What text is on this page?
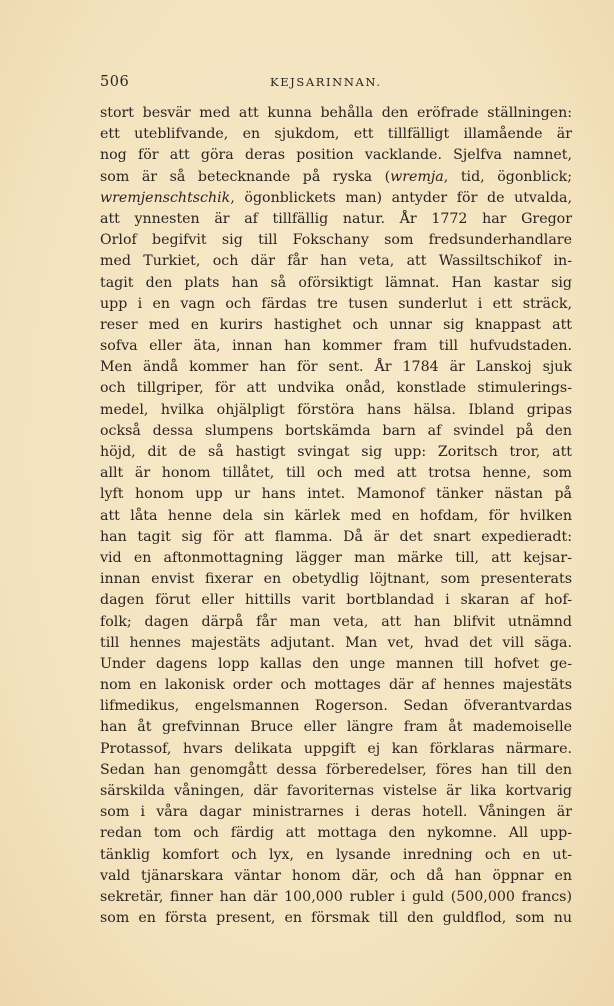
506	KEJSARINNAN.
stort besvär med att kunna behålla den eröfrade ställningen:
ett uteblifvande, en sjukdom, ett tillfälligt illamående är
nog för att göra deras position vacklande. Sjelfva namnet,
som är så betecknande på ryska (wremja, tid, ögonblick;
wremjenschtschik, ögonblickets man) antyder för de utvalda,
att ynnesten är af tillfällig natur. År 1772 har Gregor
Orlof begifvit sig till Fokschany som fredsunderhandlare
med Turkiet, och där får han veta, att Wassiltschikof in-
tagit den plats han så oförsiktigt lämnat. Han kastar sig
upp i en vagn och färdas tre tusen sunderlut i ett sträck,
reser med en kurirs hastighet och unnar sig knappast att
sofva eller äta, innan han kommer fram till hufvudstaden.
Men ändå kommer han för sent. År 1784 är Lanskoj sjuk
och tillgriper, för att undvika onåd, konstlade stimulerings-
medel, hvilka ohjälpligt förstöra hans hälsa. Ibland gripas
också dessa slumpens bortskämda barn af svindel på den
höjd, dit de så hastigt svingat sig upp: Zoritsch tror, att
allt är honom tillåtet, till och med att trotsa henne, som
lyft honom upp ur hans intet. Mamonof tänker nästan på
att låta henne dela sin kärlek med en hofdam, för hvilken
han tagit sig för att flamma. Då är det snart expedieradt:
vid en aftonmottagning lägger man märke till, att kejsar-
innan envist fixerar en obetydlig löjtnant, som presenterats
dagen förut eller hittills varit bortblandad i skaran af hof-
folk; dagen därpå får man veta, att han blifvit utnämnd
till hennes majestäts adjutant. Man vet, hvad det vill säga.
Under dagens lopp kallas den unge mannen till hofvet ge-
nom en lakonisk order och mottages där af hennes majestäts
lifmedikus, engelsmannen Rogerson. Sedan öfverantvardas
han åt grefvinnan Bruce eller längre fram åt mademoiselle
Protassof, hvars delikata uppgift ej kan förklaras närmare.
Sedan han genomgått dessa förberedelser, föres han till den
särskilda våningen, där favoriternas vistelse är lika kortvarig
som i våra dagar ministrarnes i deras hotell. Våningen är
redan tom och färdig att mottaga den nykomne. All upp-
tänklig komfort och lyx, en lysande inredning och en ut-
vald tjänarskara väntar honom där, och då han öppnar en
sekretär, finner han där 100,000 rubler i guld (500,000 francs)
som en första present, en försmak till den guldflod, som nu
